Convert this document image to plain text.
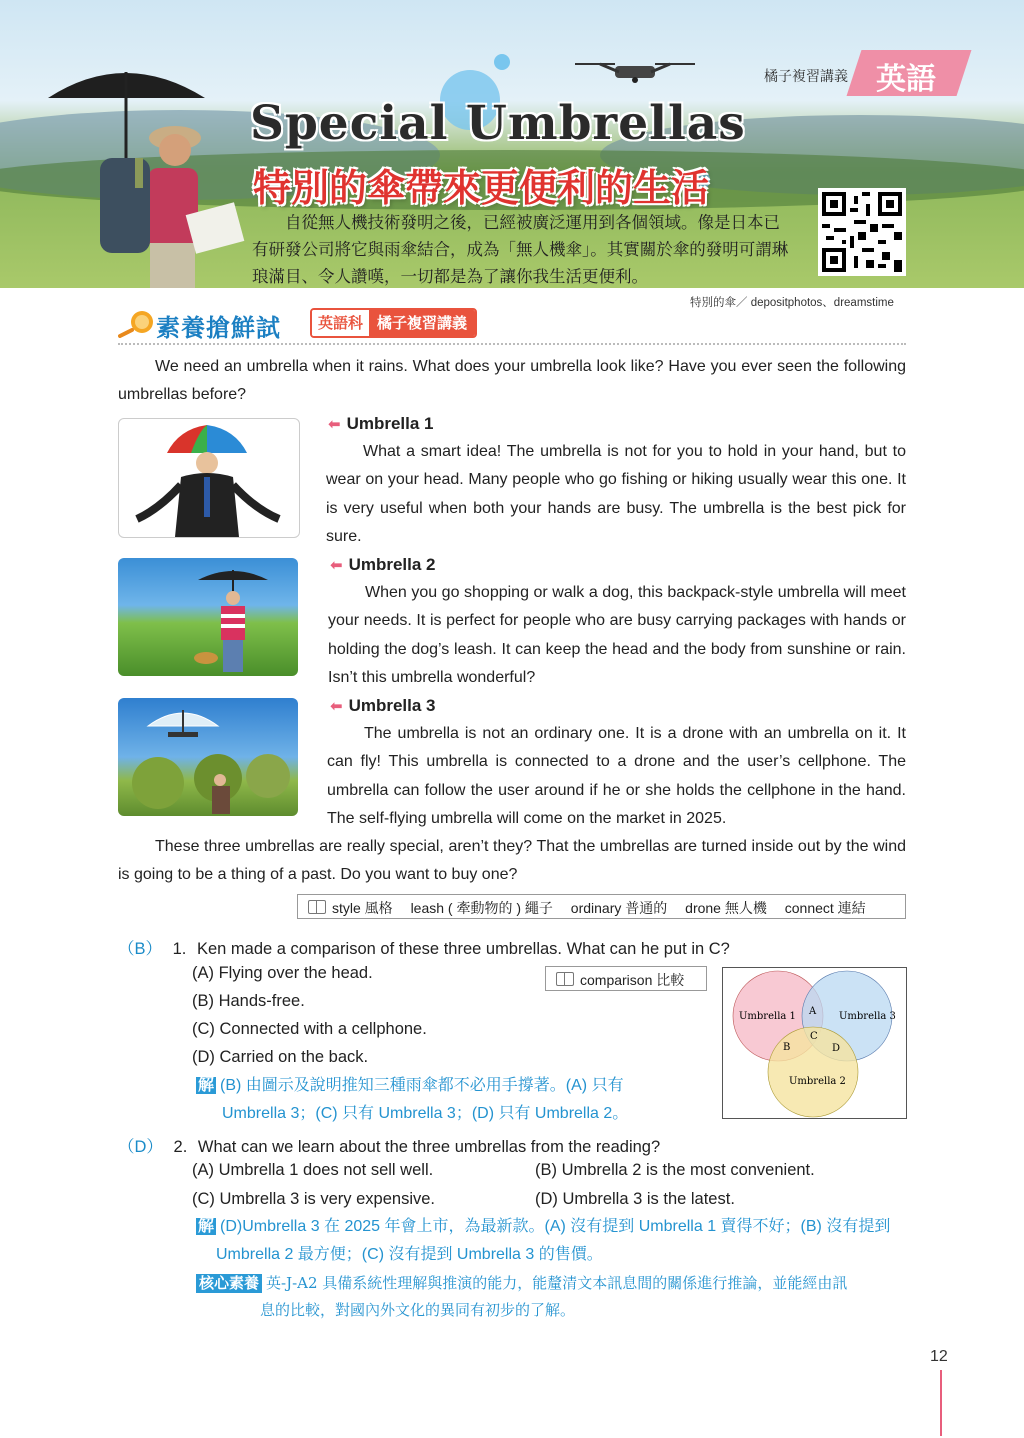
英語
橘子複習講義
Special Umbrellas
特別的傘帶來更便利的生活
自從無人機技術發明之後，已經被廣泛運用到各個領域。像是日本已有研發公司將它與雨傘結合，成為「無人機傘」。其實關於傘的發明可謂琳琅滿目、令人讚嘆，一切都是為了讓你我生活更便利。
特別的傘／ depositphotos、dreamstime
素養搶鮮試	英語科 橘子複習講義
We need an umbrella when it rains. What does your umbrella look like? Have you ever seen the following umbrellas before?
⬅ Umbrella 1
What a smart idea! The umbrella is not for you to hold in your hand, but to wear on your head. Many people who go fishing or hiking usually wear this one. It is very useful when both your hands are busy. The umbrella is the best pick for sure.
⬅ Umbrella 2
When you go shopping or walk a dog, this backpack-style umbrella will meet your needs. It is perfect for people who are busy carrying packages with hands or holding the dog’s leash. It can keep the head and the body from sunshine or rain. Isn’t this umbrella wonderful?
⬅ Umbrella 3
The umbrella is not an ordinary one. It is a drone with an umbrella on it. It can fly! This umbrella is connected to a drone and the user’s cellphone. The umbrella can follow the user around if he or she holds the cellphone in the hand. The self-flying umbrella will come on the market in 2025.
These three umbrellas are really special, aren’t they? That the umbrellas are turned inside out by the wind is going to be a thing of a past. Do you want to buy one?
style 風格　 leash ( 牽動物的 ) 繩子　 ordinary 普通的　 drone 無人機　 connect 連結
（B） 1. Ken made a comparison of these three umbrellas. What can he put in C?
(A) Flying over the head.
(B) Hands-free.
(C) Connected with a cellphone.
(D) Carried on the back.
comparison 比較
解 (B) 由圖示及說明推知三種雨傘都不必用手撐著。(A) 只有
Umbrella 3；(C) 只有 Umbrella 3；(D) 只有 Umbrella 2。
Umbrella 1	Umbrella 3
Umbrella 2
A
B
C
D
（D） 2. What can we learn about the three umbrellas from the reading?
(A) Umbrella 1 does not sell well.	(B) Umbrella 2 is the most convenient.
(C) Umbrella 3 is very expensive.	(D) Umbrella 3 is the latest.
解 (D)Umbrella 3 在 2025 年會上市，為最新款。(A) 沒有提到 Umbrella 1 賣得不好；(B) 沒有提到
Umbrella 2 最方便；(C) 沒有提到 Umbrella 3 的售價。
核心素養 英-J-A2 具備系統性理解與推演的能力，能釐清文本訊息間的關係進行推論，並能經由訊
息的比較，對國內外文化的異同有初步的了解。
12
